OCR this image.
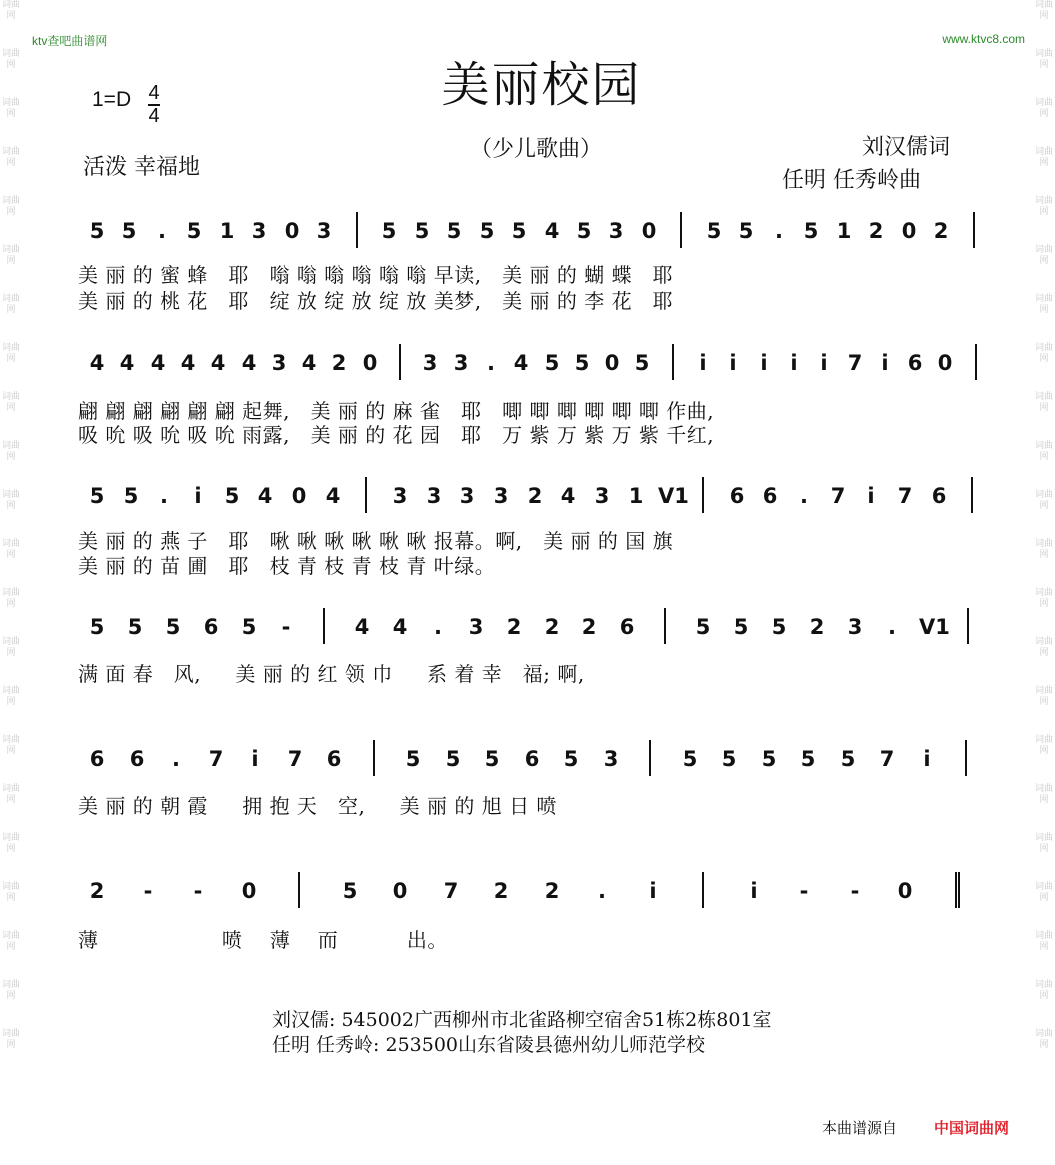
ktv查吧曲谱网	www.ktvc8.com
词曲网
词曲网
词曲网
词曲网
词曲网
词曲网
词曲网
词曲网
词曲网
词曲网
词曲网
词曲网
词曲网
词曲网
词曲网
词曲网
词曲网
词曲网
词曲网
词曲网
词曲网
词曲网
词曲网
词曲网
词曲网
词曲网
词曲网
词曲网
词曲网
词曲网
词曲网
词曲网
词曲网
词曲网
词曲网
词曲网
词曲网
词曲网
词曲网
词曲网
词曲网
词曲网
词曲网
词曲网
美丽校园
$1=D \frac{4}{4}$
活泼 幸福地
（少儿歌曲）	刘汉儒词
任明 任秀岭曲
5 5	. 5 1 3 0 3 5 5 5 5 5 4 5 3 0 5 5	. 5 1 2 0 2
美 丽 的 蜜 蜂   耶   嗡 嗡 嗡 嗡 嗡 嗡 早读,   美 丽 的 蝴 蝶   耶
美 丽 的 桃 花   耶   绽 放 绽 放 绽 放 美梦,   美 丽 的 李 花   耶
4 4 4 4 4 4 3 4 2 0 3 3 . 4 5 5 0 5	i	i	i	i	i 7 i 6 0
翩 翩 翩 翩 翩 翩 起舞,   美 丽 的 麻 雀   耶   唧 唧 唧 唧 唧 唧 作曲,
吸 吮 吸 吮 吸 吮 雨露,   美 丽 的 花 园   耶   万 紫 万 紫 万 紫 千红,
5 5	.	i	5 4 0 4 3 3 3 3 2 4 3 1 V1 6 6	.	7	i	7 6
美 丽 的 燕 子   耶   啾 啾 啾 啾 啾 啾 报幕。啊,   美 丽 的 国 旗
美 丽 的 苗 圃   耶   枝 青 枝 青 枝 青 叶绿。
5 5 5 6 5	-	4 4	.	3 2 2 2 6	5 5 5 2 3	.	V1
满 面 春   风,     美 丽 的 红 领 巾     系 着 幸   福; 啊,
6 6	.	7	i	7 6	5 5 5 6 5 3	5 5 5 5 5 7	i
美 丽 的 朝 霞     拥 抱 天   空,     美 丽 的 旭 日 喷
2	-	-	0	5 0 7 2 2	.	i	i	-	-	0
薄                  喷    薄    而          出。
刘汉儒: 545002广西柳州市北雀路柳空宿舍51栋2栋801室
任明 任秀岭: 253500山东省陵县德州幼儿师范学校
本曲谱源自 中国词曲网
